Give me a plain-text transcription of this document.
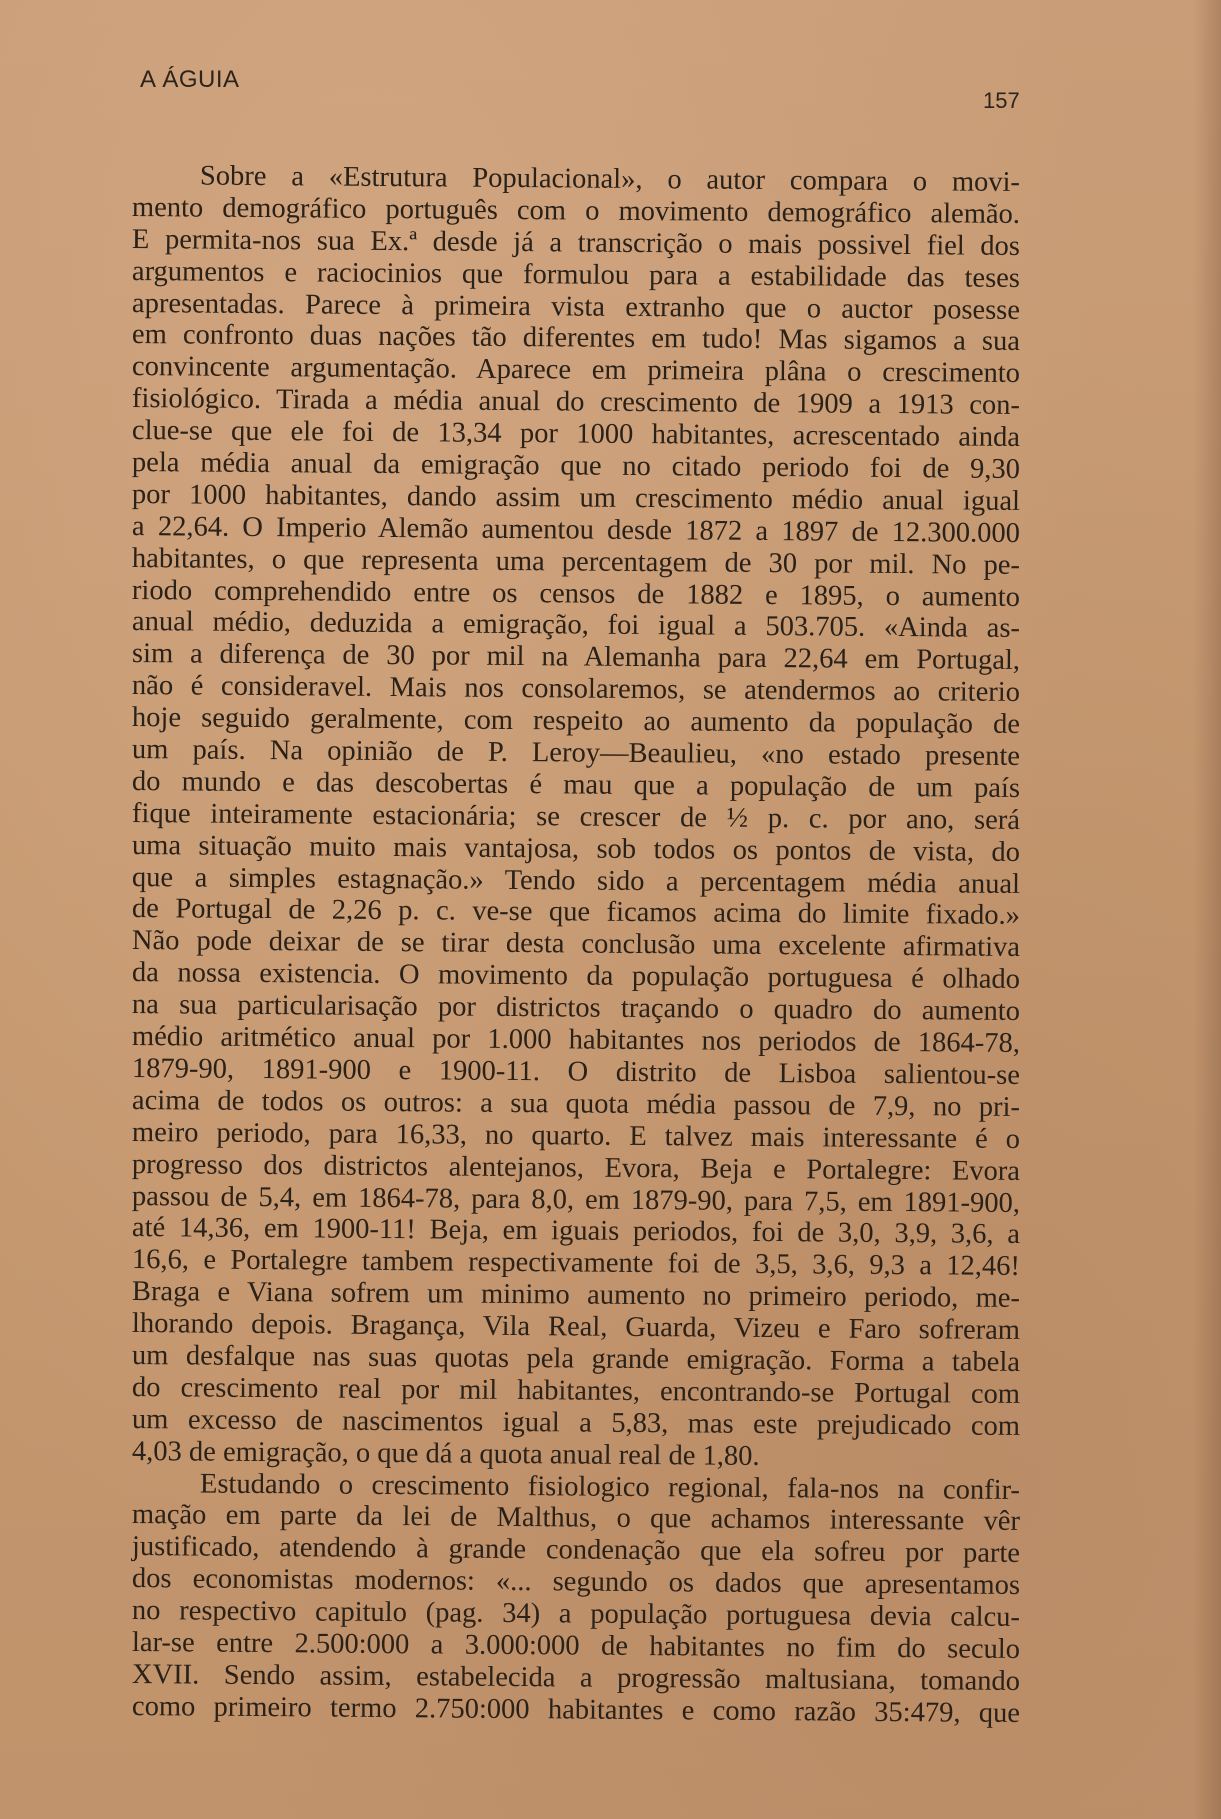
A ÁGUIA
157
Sobre a «Estrutura Populacional», o autor compara o movi-
mento demográfico português com o movimento demográfico alemão.
E permita-nos sua Ex.ª desde já a transcrição o mais possivel fiel dos
argumentos e raciocinios que formulou para a estabilidade das teses
apresentadas. Parece à primeira vista extranho que o auctor posesse
em confronto duas nações tão diferentes em tudo! Mas sigamos a sua
convincente argumentação. Aparece em primeira plâna o crescimento
fisiológico. Tirada a média anual do crescimento de 1909 a 1913 con-
clue-se que ele foi de 13,34 por 1000 habitantes, acrescentado ainda
pela média anual da emigração que no citado periodo foi de 9,30
por 1000 habitantes, dando assim um crescimento médio anual igual
a 22,64. O Imperio Alemão aumentou desde 1872 a 1897 de 12.300.000
habitantes, o que representa uma percentagem de 30 por mil. No pe-
riodo comprehendido entre os censos de 1882 e 1895, o aumento
anual médio, deduzida a emigração, foi igual a 503.705. «Ainda as-
sim a diferença de 30 por mil na Alemanha para 22,64 em Portugal,
não é consideravel. Mais nos consolaremos, se atendermos ao criterio
hoje seguido geralmente, com respeito ao aumento da população de
um país. Na opinião de P. Leroy—Beaulieu, «no estado presente
do mundo e das descobertas é mau que a população de um país
fique inteiramente estacionária; se crescer de ½ p. c. por ano, será
uma situação muito mais vantajosa, sob todos os pontos de vista, do
que a simples estagnação.» Tendo sido a percentagem média anual
de Portugal de 2,26 p. c. ve-se que ficamos acima do limite fixado.»
Não pode deixar de se tirar desta conclusão uma excelente afirmativa
da nossa existencia. O movimento da população portuguesa é olhado
na sua particularisação por districtos traçando o quadro do aumento
médio aritmético anual por 1.000 habitantes nos periodos de 1864-78,
1879-90, 1891-900 e 1900-11. O distrito de Lisboa salientou-se
acima de todos os outros: a sua quota média passou de 7,9, no pri-
meiro periodo, para 16,33, no quarto. E talvez mais interessante é o
progresso dos districtos alentejanos, Evora, Beja e Portalegre: Evora
passou de 5,4, em 1864-78, para 8,0, em 1879-90, para 7,5, em 1891-900,
até 14,36, em 1900-11! Beja, em iguais periodos, foi de 3,0, 3,9, 3,6, a
16,6, e Portalegre tambem respectivamente foi de 3,5, 3,6, 9,3 a 12,46!
Braga e Viana sofrem um minimo aumento no primeiro periodo, me-
lhorando depois. Bragança, Vila Real, Guarda, Vizeu e Faro sofreram
um desfalque nas suas quotas pela grande emigração. Forma a tabela
do crescimento real por mil habitantes, encontrando-se Portugal com
um excesso de nascimentos igual a 5,83, mas este prejudicado com
4,03 de emigração, o que dá a quota anual real de 1,80.
Estudando o crescimento fisiologico regional, fala-nos na confir-
mação em parte da lei de Malthus, o que achamos interessante vêr
justificado, atendendo à grande condenação que ela sofreu por parte
dos economistas modernos: «... segundo os dados que apresentamos
no respectivo capitulo (pag. 34) a população portuguesa devia calcu-
lar-se entre 2.500:000 a 3.000:000 de habitantes no fim do seculo
XVII. Sendo assim, estabelecida a progressão maltusiana, tomando
como primeiro termo 2.750:000 habitantes e como razão 35:479, que
